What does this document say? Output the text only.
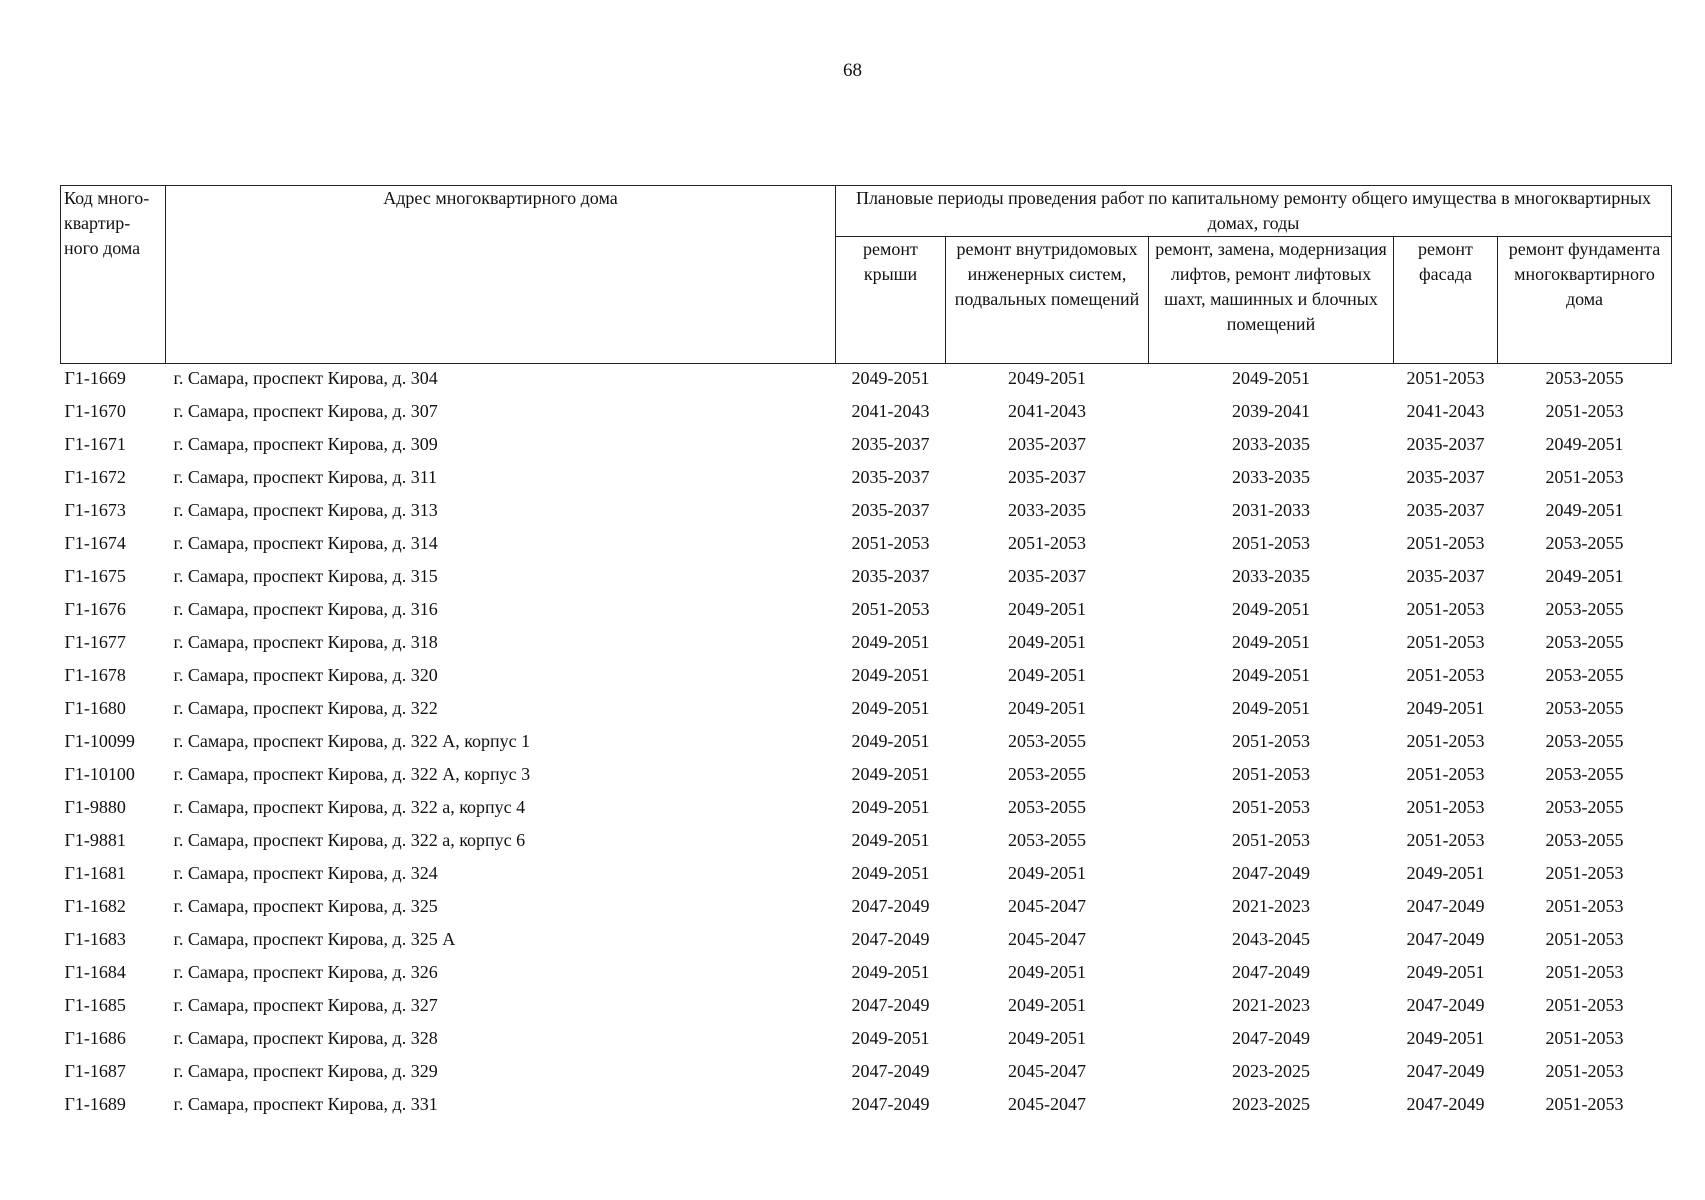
68
Код много-квартир-ного дома	Адрес многоквартирного дома	Плановые периоды проведения работ по капитальному ремонту общего имущества в многоквартирных домах, годы				
		ремонт крыши	ремонт внутридомовых инженерных систем, подвальных помещений	ремонт, замена, модернизация лифтов, ремонт лифтовых шахт, машинных и блочных помещений	ремонт фасада	ремонт фундамента многоквартирного дома
Г1-1669	г. Самара, проспект Кирова, д. 304	2049-2051	2049-2051	2049-2051	2051-2053	2053-2055
Г1-1670	г. Самара, проспект Кирова, д. 307	2041-2043	2041-2043	2039-2041	2041-2043	2051-2053
Г1-1671	г. Самара, проспект Кирова, д. 309	2035-2037	2035-2037	2033-2035	2035-2037	2049-2051
Г1-1672	г. Самара, проспект Кирова, д. 311	2035-2037	2035-2037	2033-2035	2035-2037	2051-2053
Г1-1673	г. Самара, проспект Кирова, д. 313	2035-2037	2033-2035	2031-2033	2035-2037	2049-2051
Г1-1674	г. Самара, проспект Кирова, д. 314	2051-2053	2051-2053	2051-2053	2051-2053	2053-2055
Г1-1675	г. Самара, проспект Кирова, д. 315	2035-2037	2035-2037	2033-2035	2035-2037	2049-2051
Г1-1676	г. Самара, проспект Кирова, д. 316	2051-2053	2049-2051	2049-2051	2051-2053	2053-2055
Г1-1677	г. Самара, проспект Кирова, д. 318	2049-2051	2049-2051	2049-2051	2051-2053	2053-2055
Г1-1678	г. Самара, проспект Кирова, д. 320	2049-2051	2049-2051	2049-2051	2051-2053	2053-2055
Г1-1680	г. Самара, проспект Кирова, д. 322	2049-2051	2049-2051	2049-2051	2049-2051	2053-2055
Г1-10099	г. Самара, проспект Кирова, д. 322 А, корпус 1	2049-2051	2053-2055	2051-2053	2051-2053	2053-2055
Г1-10100	г. Самара, проспект Кирова, д. 322 А, корпус 3	2049-2051	2053-2055	2051-2053	2051-2053	2053-2055
Г1-9880	г. Самара, проспект Кирова, д. 322 а, корпус 4	2049-2051	2053-2055	2051-2053	2051-2053	2053-2055
Г1-9881	г. Самара, проспект Кирова, д. 322 а, корпус 6	2049-2051	2053-2055	2051-2053	2051-2053	2053-2055
Г1-1681	г. Самара, проспект Кирова, д. 324	2049-2051	2049-2051	2047-2049	2049-2051	2051-2053
Г1-1682	г. Самара, проспект Кирова, д. 325	2047-2049	2045-2047	2021-2023	2047-2049	2051-2053
Г1-1683	г. Самара, проспект Кирова, д. 325 А	2047-2049	2045-2047	2043-2045	2047-2049	2051-2053
Г1-1684	г. Самара, проспект Кирова, д. 326	2049-2051	2049-2051	2047-2049	2049-2051	2051-2053
Г1-1685	г. Самара, проспект Кирова, д. 327	2047-2049	2049-2051	2021-2023	2047-2049	2051-2053
Г1-1686	г. Самара, проспект Кирова, д. 328	2049-2051	2049-2051	2047-2049	2049-2051	2051-2053
Г1-1687	г. Самара, проспект Кирова, д. 329	2047-2049	2045-2047	2023-2025	2047-2049	2051-2053
Г1-1689	г. Самара, проспект Кирова, д. 331	2047-2049	2045-2047	2023-2025	2047-2049	2051-2053
